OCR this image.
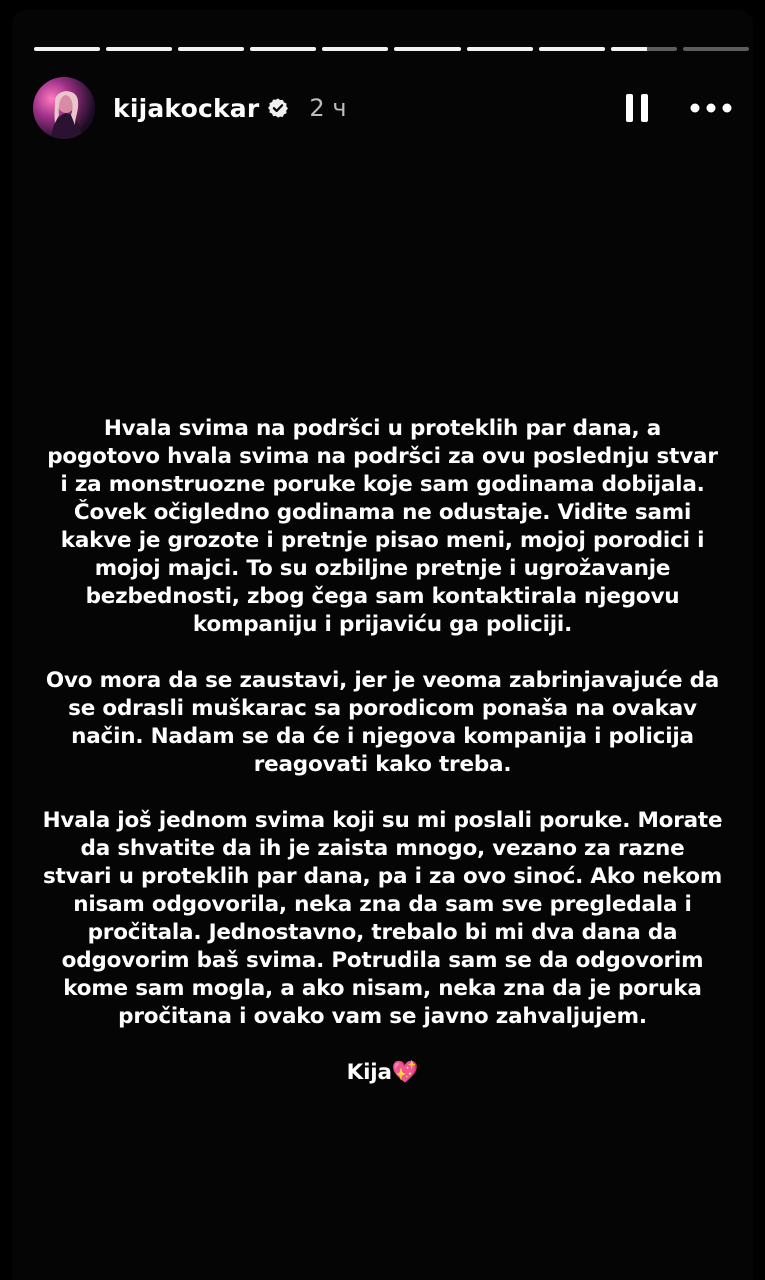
kijakockar 2 ч
Hvala svima na podršci u proteklih par dana, a
pogotovo hvala svima na podršci za ovu poslednju stvar
i za monstruozne poruke koje sam godinama dobijala.
Čovek očigledno godinama ne odustaje. Vidite sami
kakve je grozote i pretnje pisao meni, mojoj porodici i
mojoj majci. To su ozbiljne pretnje i ugrožavanje
bezbednosti, zbog čega sam kontaktirala njegovu
kompaniju i prijaviću ga policiji.
Ovo mora da se zaustavi, jer je veoma zabrinjavajuće da
se odrasli muškarac sa porodicom ponaša na ovakav
način. Nadam se da će i njegova kompanija i policija
reagovati kako treba.
Hvala još jednom svima koji su mi poslali poruke. Morate
da shvatite da ih je zaista mnogo, vezano za razne
stvari u proteklih par dana, pa i za ovo sinoć. Ako nekom
nisam odgovorila, neka zna da sam sve pregledala i
pročitala. Jednostavno, trebalo bi mi dva dana da
odgovorim baš svima. Potrudila sam se da odgovorim
kome sam mogla, a ako nisam, neka zna da je poruka
pročitana i ovako vam se javno zahvaljujem.
Kija💖
